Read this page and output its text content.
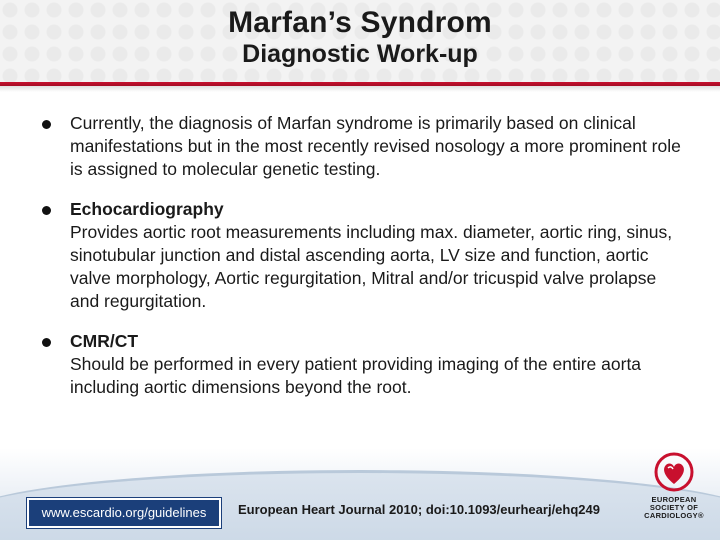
Marfan’s Syndrom
Diagnostic Work-up
Currently, the diagnosis of Marfan syndrome is primarily based on clinical manifestations but in the most recently revised nosology a more prominent role is assigned to molecular genetic testing.
Echocardiography
Provides aortic root measurements including max. diameter, aortic ring, sinus, sinotubular junction and distal ascending aorta, LV size and function, aortic valve morphology, Aortic regurgitation, Mitral and/or tricuspid valve prolapse and regurgitation.
CMR/CT
Should be performed in every patient providing imaging of the entire aorta including aortic dimensions beyond the root.
www.escardio.org/guidelines	European Heart Journal 2010; doi:10.1093/eurhearj/ehq249
EUROPEAN
SOCIETY OF
CARDIOLOGY®
